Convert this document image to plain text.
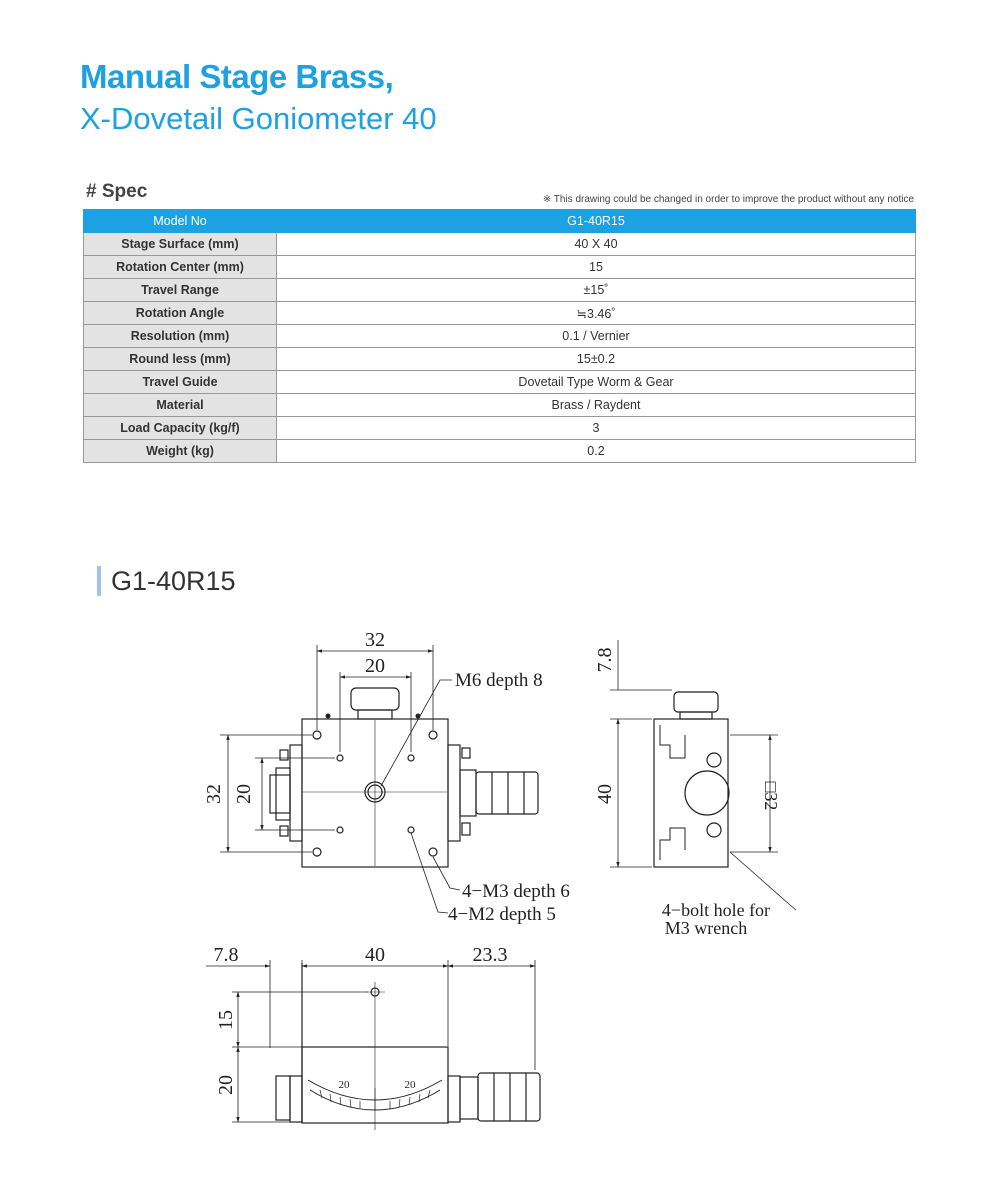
Manual Stage Brass,
X-Dovetail Goniometer 40
# Spec	※ This drawing could be changed in order to improve the product without any notice
Model No	G1-40R15
Stage Surface (mm)	40 X 40
Rotation Center (mm)	15
Travel Range	±15˚
Rotation Angle	≒3.46˚
Resolution (mm)	0.1 / Vernier
Round less (mm)	15±0.2
Travel Guide	Dovetail Type Worm & Gear
Material	Brass / Raydent
Load Capacity (kg/f)	3
Weight (kg)	0.2
G1-40R15
32
20
32 20
M6 depth 8
4−M3 depth 6
4−M2 depth 5
7.8
40	□32
4−bolt hole for
M3 wrench
20	20
7.8	40	23.3
15
20
